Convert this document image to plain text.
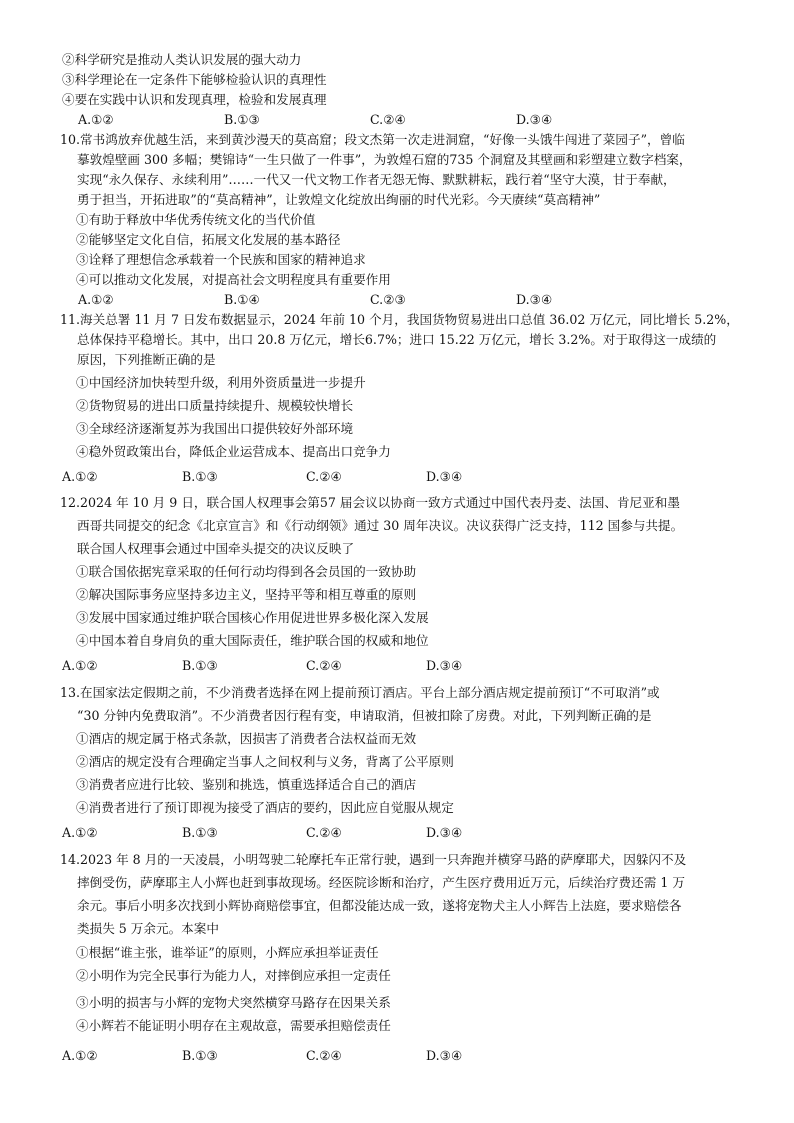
②科学研究是推动人类认识发展的强大动力
③科学理论在一定条件下能够检验认识的真理性
④要在实践中认识和发现真理，检验和发展真理
A.①②	B.①③	C.②④	D.③④
10.常书鸿放弃优越生活，来到黄沙漫天的莫高窟；段文杰第一次走进洞窟，“好像一头饿牛闯进了菜园子”，曾临
摹敦煌壁画 300 多幅；樊锦诗“一生只做了一件事”，为敦煌石窟的735 个洞窟及其壁画和彩塑建立数字档案，
实现“永久保存、永续利用”……一代又一代文物工作者无怨无悔、默默耕耘，践行着“坚守大漠，甘于奉献，
勇于担当，开拓进取”的“莫高精神”，让敦煌文化绽放出绚丽的时代光彩。今天赓续“莫高精神”
①有助于释放中华优秀传统文化的当代价值
②能够坚定文化自信，拓展文化发展的基本路径
③诠释了理想信念承载着一个民族和国家的精神追求
④可以推动文化发展，对提高社会文明程度具有重要作用
A.①②	B.①④	C.②③	D.③④
11.海关总署 11 月 7 日发布数据显示，2024 年前 10 个月，我国货物贸易进出口总值 36.02 万亿元，同比增长 5.2%，
总体保持平稳增长。其中，出口 20.8 万亿元，增长6.7%；进口 15.22 万亿元，增长 3.2%。对于取得这一成绩的
原因，下列推断正确的是
①中国经济加快转型升级，利用外资质量进一步提升
②货物贸易的进出口质量持续提升、规模较快增长
③全球经济逐渐复苏为我国出口提供较好外部环境
④稳外贸政策出台，降低企业运营成本、提高出口竞争力
A.①②	B.①③	C.②④	D.③④
12.2024 年 10 月 9 日，联合国人权理事会第57 届会议以协商一致方式通过中国代表丹麦、法国、肯尼亚和墨
西哥共同提交的纪念《北京宣言》和《行动纲领》通过 30 周年决议。决议获得广泛支持，112 国参与共提。
联合国人权理事会通过中国牵头提交的决议反映了
①联合国依据宪章采取的任何行动均得到各会员国的一致协助
②解决国际事务应坚持多边主义，坚持平等和相互尊重的原则
③发展中国家通过维护联合国核心作用促进世界多极化深入发展
④中国本着自身肩负的重大国际责任，维护联合国的权威和地位
A.①②	B.①③	C.②④	D.③④
13.在国家法定假期之前，不少消费者选择在网上提前预订酒店。平台上部分酒店规定提前预订“不可取消”或
“30 分钟内免费取消”。不少消费者因行程有变，申请取消，但被扣除了房费。对此，下列判断正确的是
①酒店的规定属于格式条款，因损害了消费者合法权益而无效
②酒店的规定没有合理确定当事人之间权利与义务，背离了公平原则
③消费者应进行比较、鉴别和挑选，慎重选择适合自己的酒店
④消费者进行了预订即视为接受了酒店的要约，因此应自觉服从规定
A.①②	B.①③	C.②④	D.③④
14.2023 年 8 月的一天凌晨，小明驾驶二轮摩托车正常行驶，遇到一只奔跑并横穿马路的萨摩耶犬，因躲闪不及
摔倒受伤，萨摩耶主人小辉也赶到事故现场。经医院诊断和治疗，产生医疗费用近万元，后续治疗费还需 1 万
余元。事后小明多次找到小辉协商赔偿事宜，但都没能达成一致，遂将宠物犬主人小辉告上法庭，要求赔偿各
类损失 5 万余元。本案中
①根据“谁主张，谁举证”的原则，小辉应承担举证责任
②小明作为完全民事行为能力人，对摔倒应承担一定责任
③小明的损害与小辉的宠物犬突然横穿马路存在因果关系
④小辉若不能证明小明存在主观故意，需要承担赔偿责任
A.①②	B.①③	C.②④	D.③④
